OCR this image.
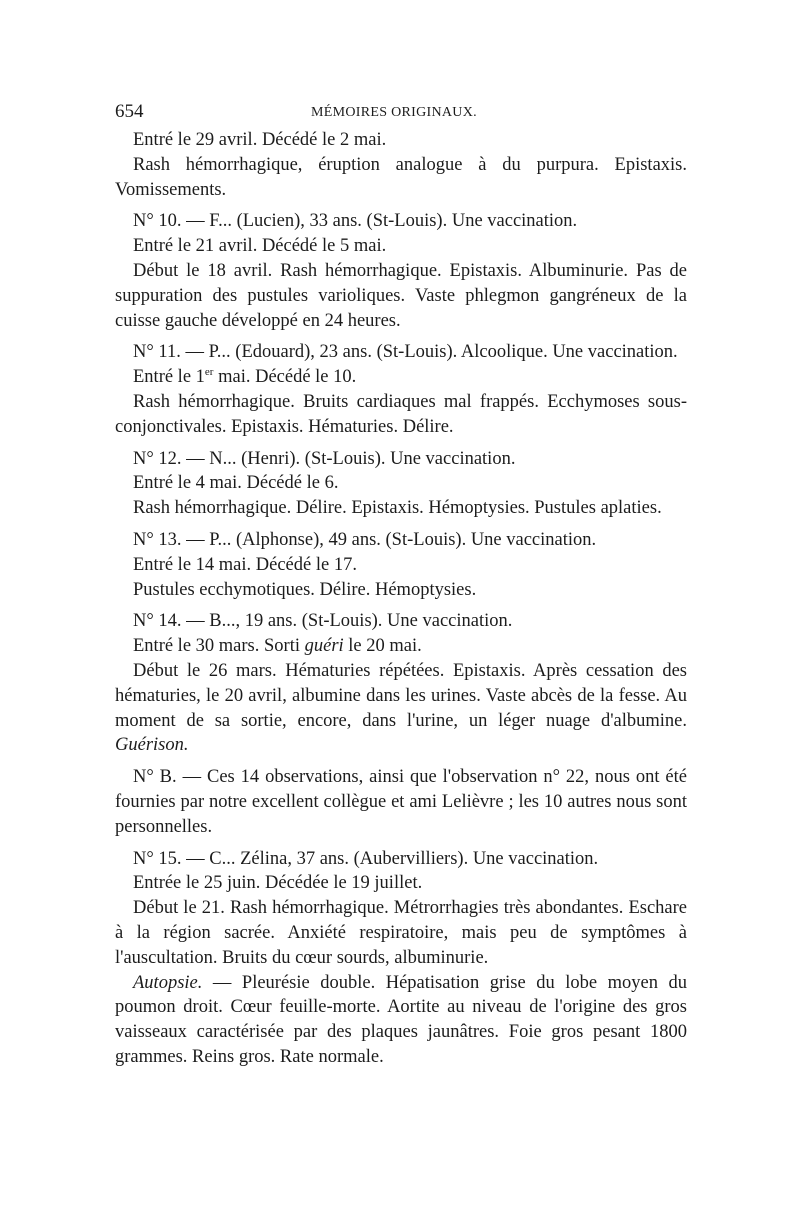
654	MÉMOIRES ORIGINAUX.

Entré le 29 avril. Décédé le 2 mai.

Rash hémorrhagique, éruption analogue à du purpura. Epistaxis. Vomissements.

N° 10. — F... (Lucien), 33 ans. (St-Louis). Une vaccination.

Entré le 21 avril. Décédé le 5 mai.

Début le 18 avril. Rash hémorrhagique. Epistaxis. Albuminurie. Pas de suppuration des pustules varioliques. Vaste phlegmon gangréneux de la cuisse gauche développé en 24 heures.

N° 11. — P... (Edouard), 23 ans. (St-Louis). Alcoolique. Une vaccination.

Entré le 1er mai. Décédé le 10.

Rash hémorrhagique. Bruits cardiaques mal frappés. Ecchymoses sous-conjonctivales. Epistaxis. Hématuries. Délire.

N° 12. — N... (Henri). (St-Louis). Une vaccination.

Entré le 4 mai. Décédé le 6.

Rash hémorrhagique. Délire. Epistaxis. Hémoptysies. Pustules aplaties.

N° 13. — P... (Alphonse), 49 ans. (St-Louis). Une vaccination.

Entré le 14 mai. Décédé le 17.

Pustules ecchymotiques. Délire. Hémoptysies.

N° 14. — B..., 19 ans. (St-Louis). Une vaccination.

Entré le 30 mars. Sorti guéri le 20 mai.

Début le 26 mars. Hématuries répétées. Epistaxis. Après cessation des hématuries, le 20 avril, albumine dans les urines. Vaste abcès de la fesse. Au moment de sa sortie, encore, dans l'urine, un léger nuage d'albumine. Guérison.

N° B. — Ces 14 observations, ainsi que l'observation n° 22, nous ont été fournies par notre excellent collègue et ami Lelièvre ; les 10 autres nous sont personnelles.

N° 15. — C... Zélina, 37 ans. (Aubervilliers). Une vaccination.

Entrée le 25 juin. Décédée le 19 juillet.

Début le 21. Rash hémorrhagique. Métrorrhagies très abondantes. Eschare à la région sacrée. Anxiété respiratoire, mais peu de symptômes à l'auscultation. Bruits du cœur sourds, albuminurie.

Autopsie. — Pleurésie double. Hépatisation grise du lobe moyen du poumon droit. Cœur feuille-morte. Aortite au niveau de l'origine des gros vaisseaux caractérisée par des plaques jaunâtres. Foie gros pesant 1800 grammes. Reins gros. Rate normale.
